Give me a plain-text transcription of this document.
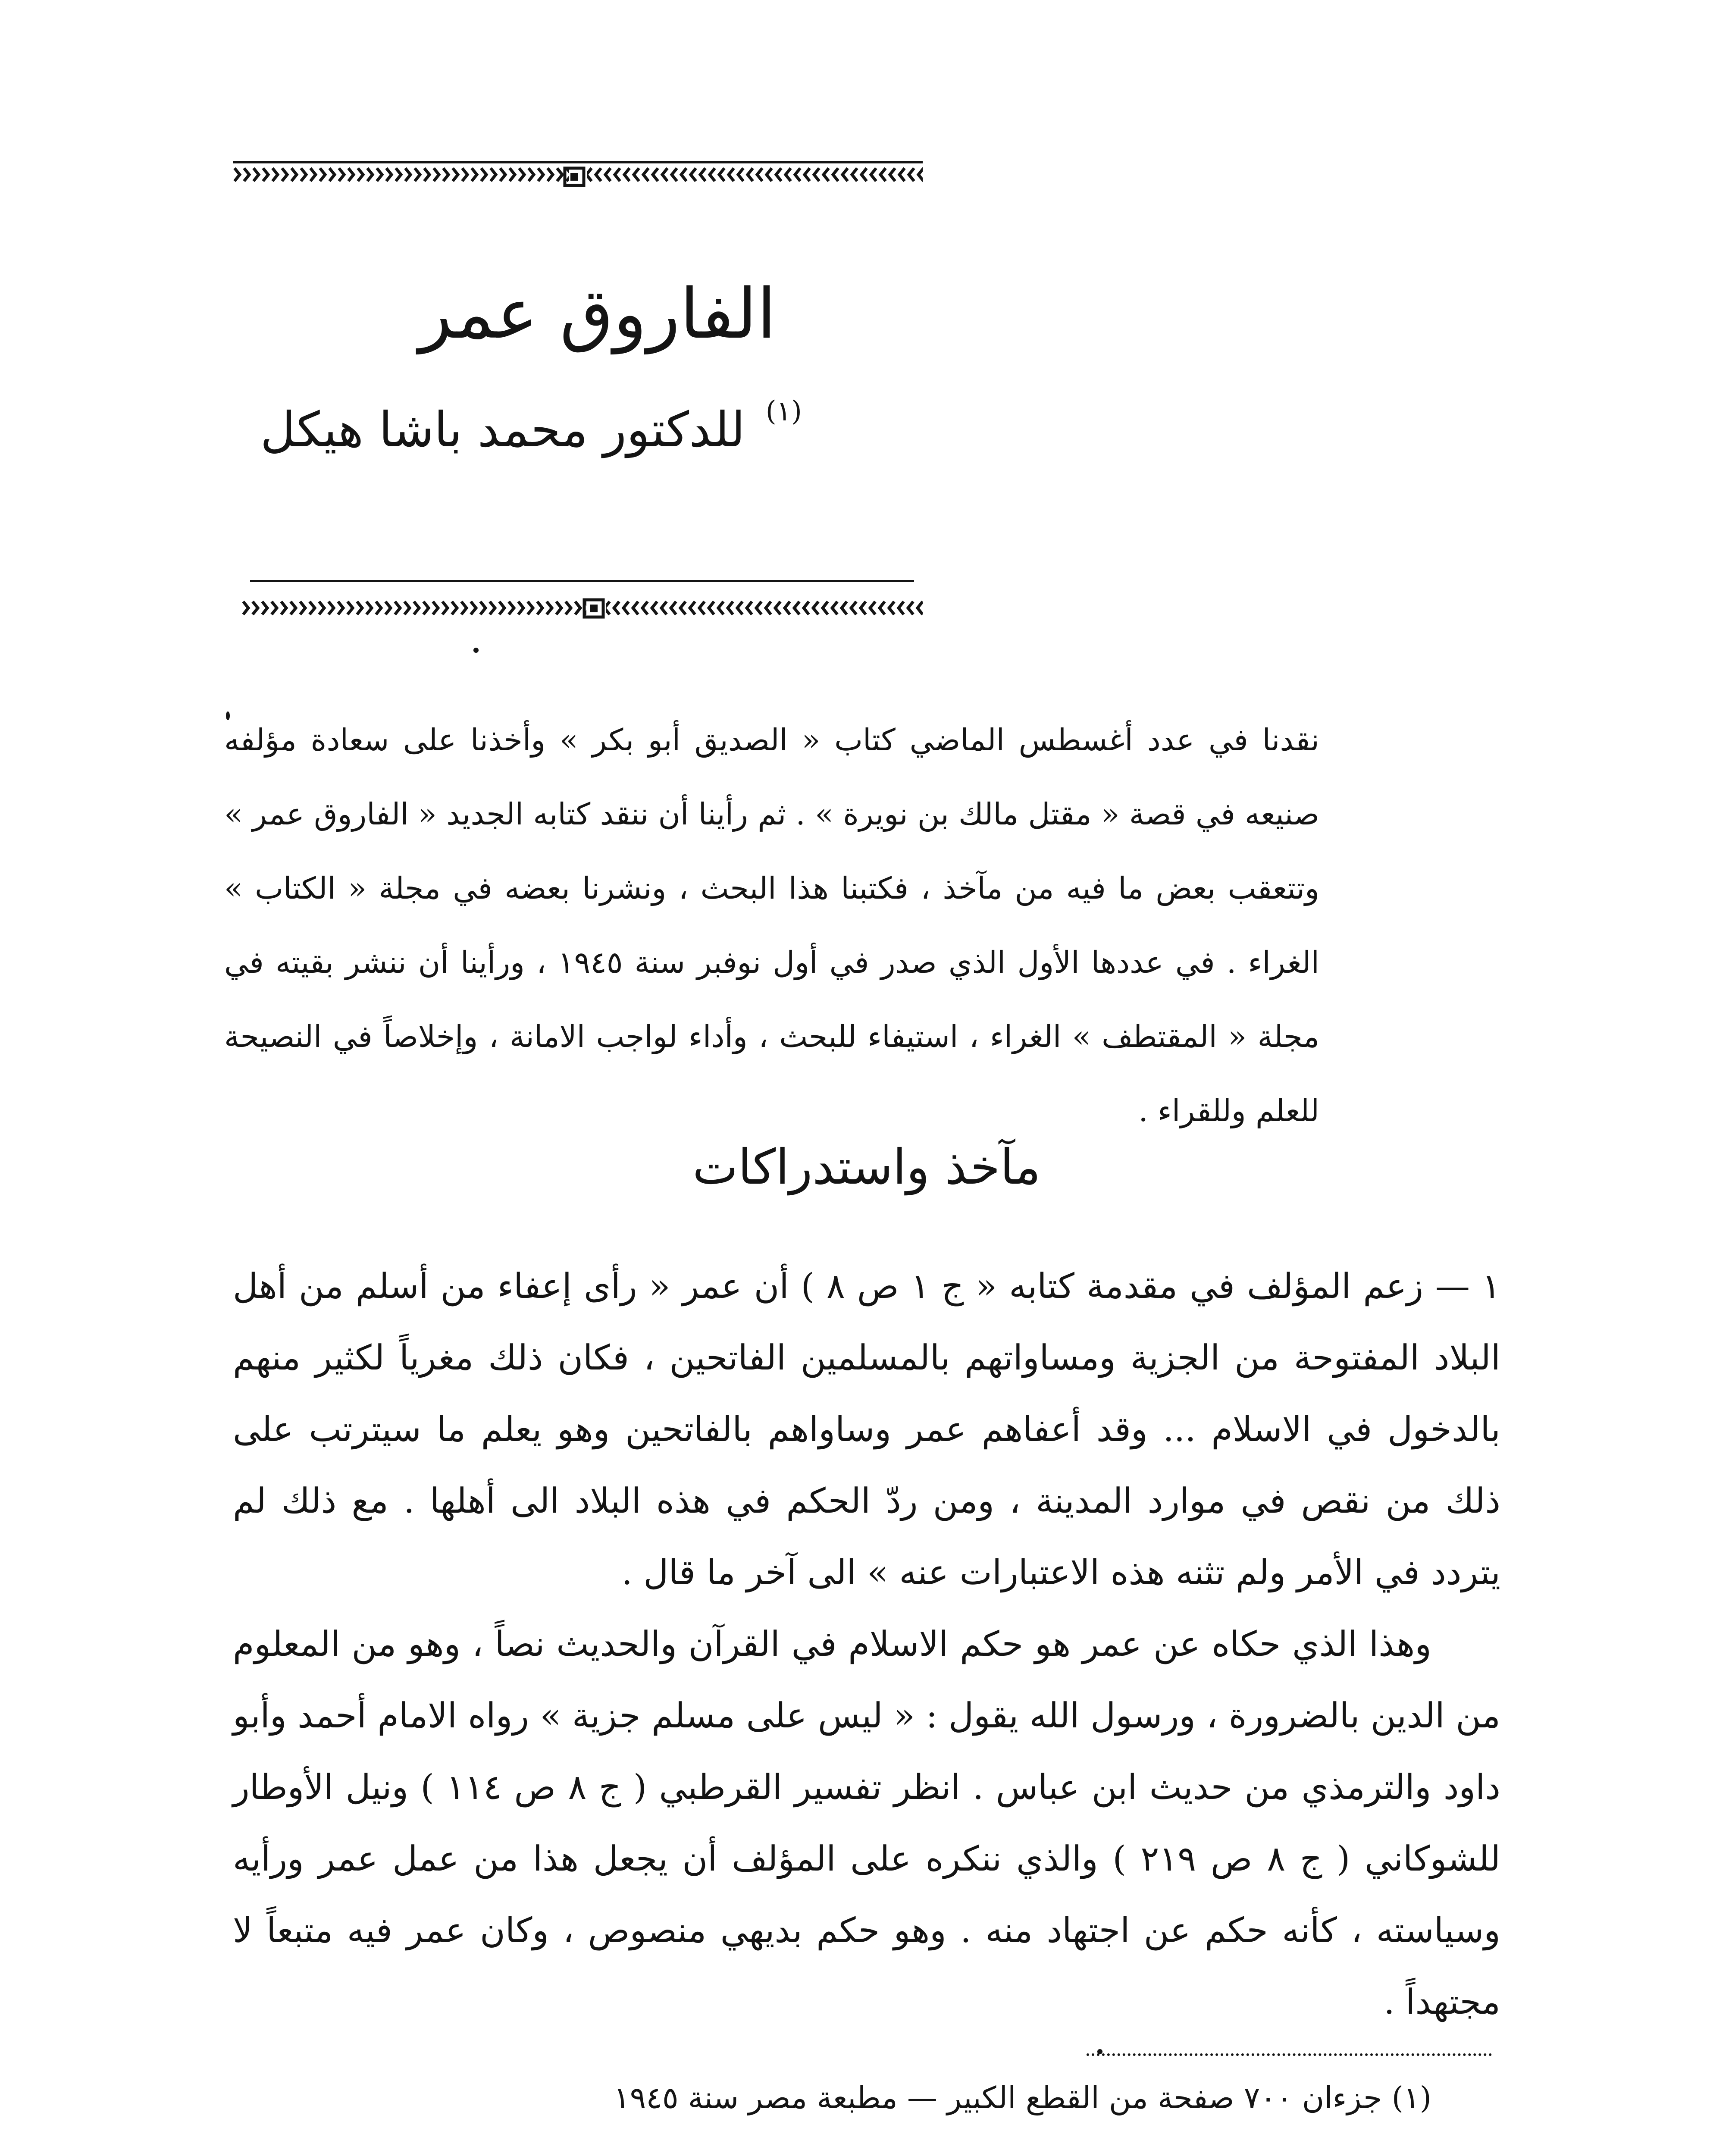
الفاروق عمر
$^{(١)}$ للدكتور محمد باشا هيكل
نقدنا في عدد أغسطس الماضي كتاب « الصديق أبو بكر » وأخذنا على سعادة مؤلفه صنيعه في قصة « مقتل مالك بن نويرة » . ثم رأينا أن ننقد كتابه الجديد « الفاروق عمر » وتتعقب بعض ما فيه من مآخذ ، فكتبنا هذا البحث ، ونشرنا بعضه في مجلة « الكتاب » الغراء . في عددها الأول الذي صدر في أول نوفبر سنة ١٩٤٥ ، ورأينا أن ننشر بقيته في مجلة « المقتطف » الغراء ، استيفاء للبحث ، وأداء لواجب الامانة ، وإخلاصاً في النصيحة للعلم وللقراء .
مآخذ واستدراكات

١ — زعم المؤلف في مقدمة كتابه « ج ١ ص ٨ ) أن عمر « رأى إعفاء من أسلم من أهل البلاد المفتوحة من الجزية ومساواتهم بالمسلمين الفاتحين ، فكان ذلك مغرياً لكثير منهم بالدخول في الاسلام ... وقد أعفاهم عمر وساواهم بالفاتحين وهو يعلم ما سيترتب على ذلك من نقص في موارد المدينة ، ومن ردّ الحكم في هذه البلاد الى أهلها . مع ذلك لم يتردد في الأمر ولم تثنه هذه الاعتبارات عنه » الى آخر ما قال .

وهذا الذي حكاه عن عمر هو حكم الاسلام في القرآن والحديث نصاً ، وهو من المعلوم من الدين بالضرورة ، ورسول الله يقول : « ليس على مسلم جزية » رواه الامام أحمد وأبو داود والترمذي من حديث ابن عباس . انظر تفسير القرطبي ( ج ٨ ص ١١٤ ) ونيل الأوطار للشوكاني ( ج ٨ ص ٢١٩ ) والذي ننكره على المؤلف أن يجعل هذا من عمل عمر ورأيه وسياسته ، كأنه حكم عن اجتهاد منه . وهو حكم بديهي منصوص ، وكان عمر فيه متبعاً لا مجتهداً .

(١) جزءان ٧٠٠ صفحة من القطع الكبير — مطبعة مصر سنة ١٩٤٥
